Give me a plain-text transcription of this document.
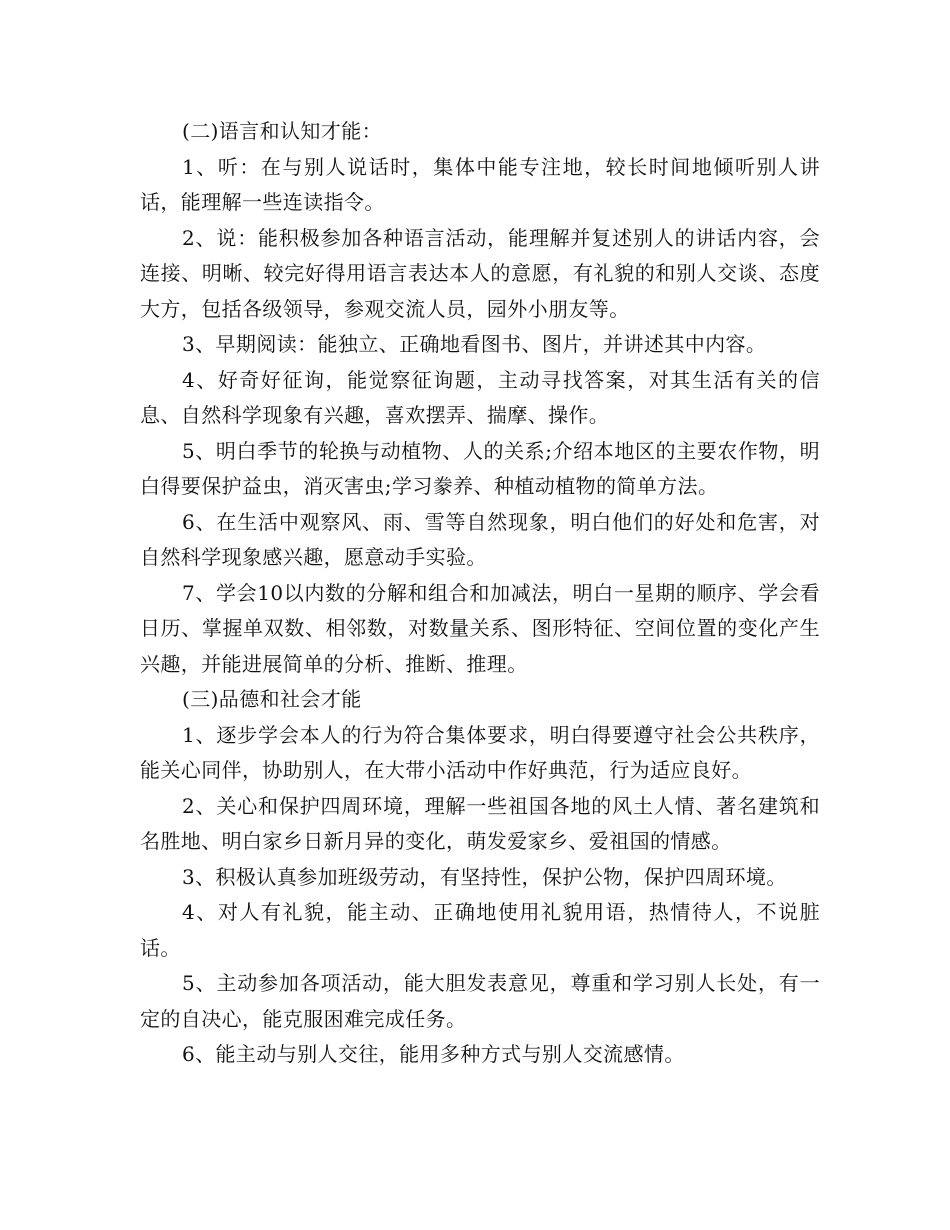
(二)语言和认知才能：

1、听：在与别人说话时，集体中能专注地，较长时间地倾听别人讲话，能理解一些连读指令。

2、说：能积极参加各种语言活动，能理解并复述别人的讲话内容，会连接、明晰、较完好得用语言表达本人的意愿，有礼貌的和别人交谈、态度大方，包括各级领导，参观交流人员，园外小朋友等。

3、早期阅读：能独立、正确地看图书、图片，并讲述其中内容。

4、好奇好征询，能觉察征询题，主动寻找答案，对其生活有关的信息、自然科学现象有兴趣，喜欢摆弄、揣摩、操作。

5、明白季节的轮换与动植物、人的关系;介绍本地区的主要农作物，明白得要保护益虫，消灭害虫;学习豢养、种植动植物的简单方法。

6、在生活中观察风、雨、雪等自然现象，明白他们的好处和危害，对自然科学现象感兴趣，愿意动手实验。

7、学会10以内数的分解和组合和加减法，明白一星期的顺序、学会看日历、掌握单双数、相邻数，对数量关系、图形特征、空间位置的变化产生兴趣，并能进展简单的分析、推断、推理。

(三)品德和社会才能

1、逐步学会本人的行为符合集体要求，明白得要遵守社会公共秩序，能关心同伴，协助别人，在大带小活动中作好典范，行为适应良好。

2、关心和保护四周环境，理解一些祖国各地的风土人情、著名建筑和名胜地、明白家乡日新月异的变化，萌发爱家乡、爱祖国的情感。

3、积极认真参加班级劳动，有坚持性，保护公物，保护四周环境。

4、对人有礼貌，能主动、正确地使用礼貌用语，热情待人，不说脏话。

5、主动参加各项活动，能大胆发表意见，尊重和学习别人长处，有一定的自决心，能克服困难完成任务。

6、能主动与别人交往，能用多种方式与别人交流感情。
